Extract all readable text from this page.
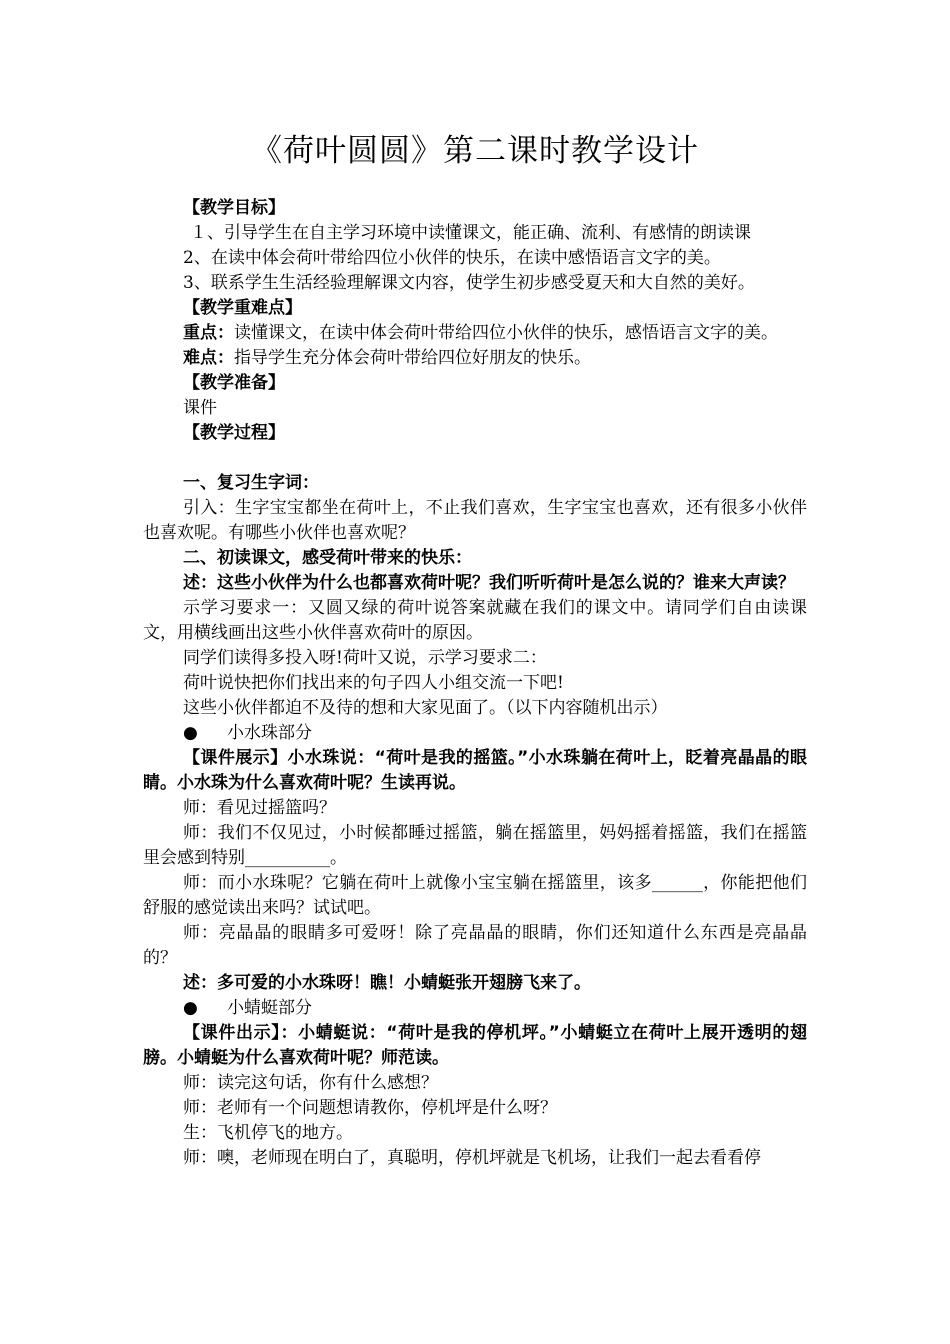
《荷叶圆圆》第二课时教学设计

【教学目标】

１、引导学生在自主学习环境中读懂课文，能正确、流利、有感情的朗读课

2、在读中体会荷叶带给四位小伙伴的快乐，在读中感悟语言文字的美。

3、联系学生生活经验理解课文内容，使学生初步感受夏天和大自然的美好。

【教学重难点】

重点：读懂课文，在读中体会荷叶带给四位小伙伴的快乐，感悟语言文字的美。

难点：指导学生充分体会荷叶带给四位好朋友的快乐。

【教学准备】

课件

【教学过程】

一、复习生字词：

引入：生字宝宝都坐在荷叶上，不止我们喜欢，生字宝宝也喜欢，还有很多小伙伴也喜欢呢。有哪些小伙伴也喜欢呢？

二、初读课文，感受荷叶带来的快乐：

述：这些小伙伴为什么也都喜欢荷叶呢？我们听听荷叶是怎么说的？谁来大声读？

示学习要求一：又圆又绿的荷叶说答案就藏在我们的课文中。请同学们自由读课文，用横线画出这些小伙伴喜欢荷叶的原因。

同学们读得多投入呀!荷叶又说，示学习要求二：

荷叶说快把你们找出来的句子四人小组交流一下吧!

这些小伙伴都迫不及待的想和大家见面了。（以下内容随机出示）

● 小水珠部分

【课件展示】小水珠说：“荷叶是我的摇篮。”小水珠躺在荷叶上，眨着亮晶晶的眼睛。小水珠为什么喜欢荷叶呢？生读再说。

师：看见过摇篮吗？

师：我们不仅见过，小时候都睡过摇篮，躺在摇篮里，妈妈摇着摇篮，我们在摇篮里会感到特别__________。

师：而小水珠呢？它躺在荷叶上就像小宝宝躺在摇篮里，该多______，你能把他们舒服的感觉读出来吗？试试吧。

师：亮晶晶的眼睛多可爱呀！除了亮晶晶的眼睛，你们还知道什么东西是亮晶晶的？

述：多可爱的小水珠呀！瞧！小蜻蜓张开翅膀飞来了。

● 小蜻蜓部分

【课件出示】：小蜻蜓说：“荷叶是我的停机坪。”小蜻蜓立在荷叶上展开透明的翅膀。小蜻蜓为什么喜欢荷叶呢？师范读。

师：读完这句话，你有什么感想？

师：老师有一个问题想请教你，停机坪是什么呀？

生：飞机停飞的地方。

师：噢，老师现在明白了，真聪明，停机坪就是飞机场，让我们一起去看看停
